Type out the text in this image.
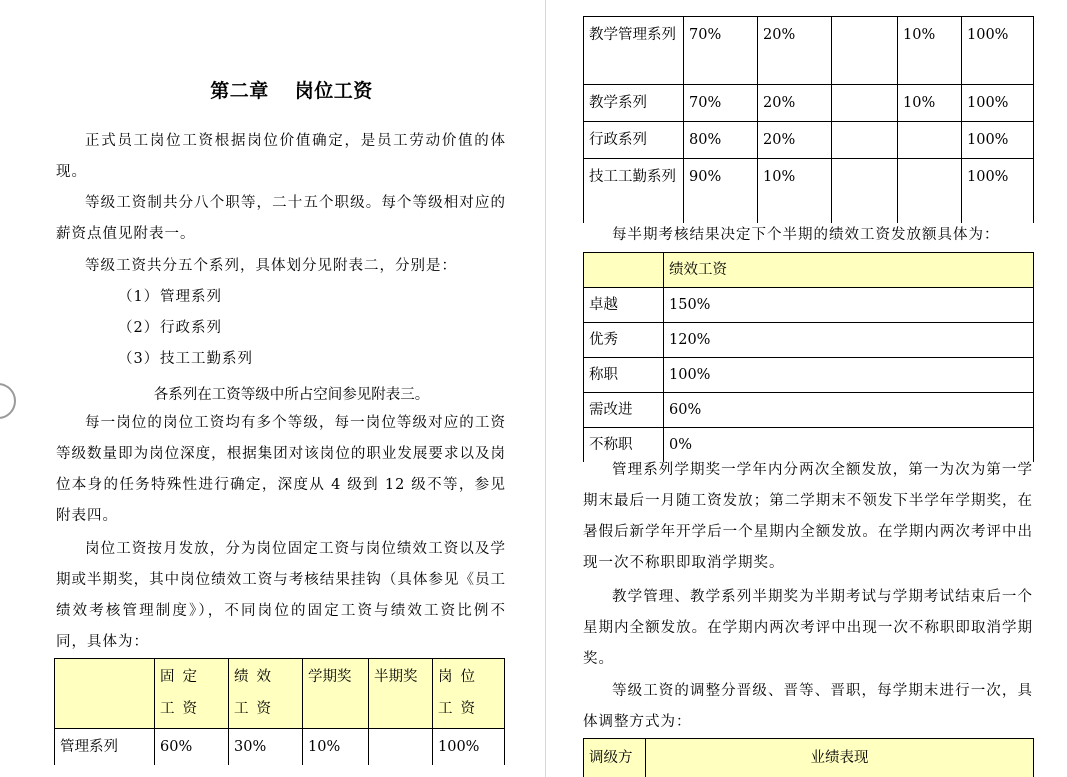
第二章 岗位工资
正式员工岗位工资根据岗位价值确定，是员工劳动价值的体现。
等级工资制共分八个职等，二十五个职级。每个等级相对应的薪资点值见附表一。
等级工资共分五个系列，具体划分见附表二，分别是：
（1）管理系列
（2）行政系列
（3）技工工勤系列
各系列在工资等级中所占空间参见附表三。
每一岗位的岗位工资均有多个等级，每一岗位等级对应的工资等级数量即为岗位深度，根据集团对该岗位的职业发展要求以及岗位本身的任务特殊性进行确定，深度从 4 级到 12 级不等，参见附表四。
岗位工资按月发放，分为岗位固定工资与岗位绩效工资以及学期或半期奖，其中岗位绩效工资与考核结果挂钩（具体参见《员工绩效考核管理制度》），不同岗位的固定工资与绩效工资比例不同，具体为：
	固定工资	绩效工资	学期奖	半期奖	岗位工资
管理系列	60%	30%	10%		100%
教学管理系列	70%	20%		10%	100%
教学系列	70%	20%		10%	100%
行政系列	80%	20%			100%
技工工勤系列	90%	10%			100%
每半期考核结果决定下个半期的绩效工资发放额具体为：
	绩效工资
卓越	150%
优秀	120%
称职	100%
需改进	60%
不称职	0%
管理系列学期奖一学年内分两次全额发放，第一为次为第一学期末最后一月随工资发放；第二学期末不领发下半学年学期奖，在暑假后新学年开学后一个星期内全额发放。在学期内两次考评中出现一次不称职即取消学期奖。
教学管理、教学系列半期奖为半期考试与学期考试结束后一个星期内全额发放。在学期内两次考评中出现一次不称职即取消学期奖。
等级工资的调整分晋级、晋等、晋职，每学期末进行一次，具体调整方式为：
调级方	业绩表现
